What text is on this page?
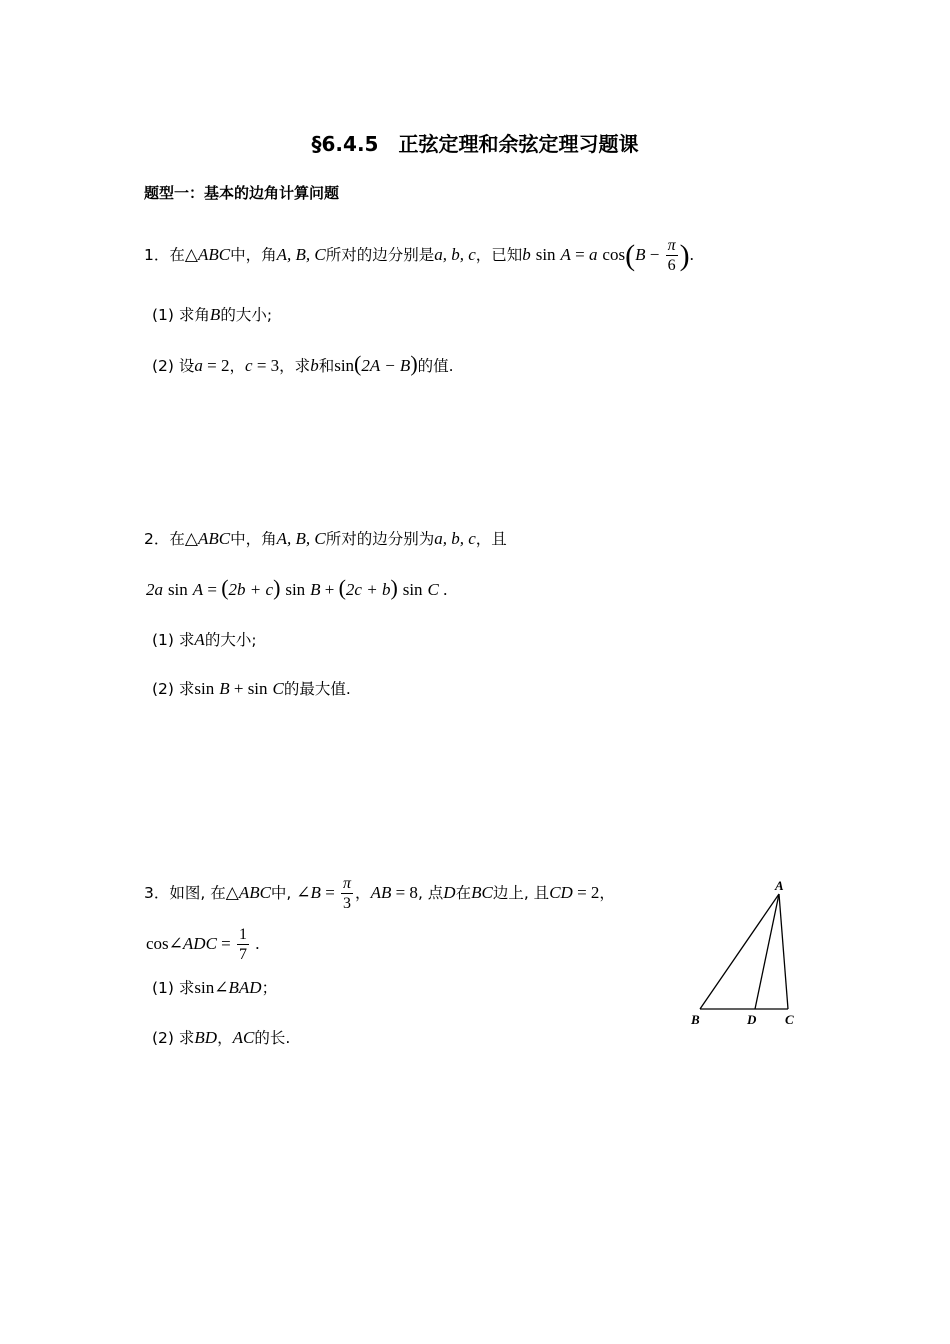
§6.4.5　正弦定理和余弦定理习题课
题型一：基本的边角计算问题
1．在△ABC中，角A, B, C所对的边分别是a, b, c，已知b sin A = a $\cos(B - \frac{\pi}{6}$ ).
(1) 求角B的大小;
(2) 设a = 2，c = 3，求b和sin(2A − B)的值.
2．在△ABC中，角A, B, C所对的边分别为a, b, c，且
2a sin A = (2b + c) sin B + (2c + b) sin C .
(1) 求A的大小;
(2) 求sin B + sin C的最大值.
3．如图, 在△ABC中, ∠B = $\frac{\pi}{3}$ ，AB = 8, 点D在BC边上, 且CD = 2，
cos∠ADC = $\frac{1}{7}$ .
(1) 求sin∠BAD；
(2) 求BD，AC的长.
A
B	D C
